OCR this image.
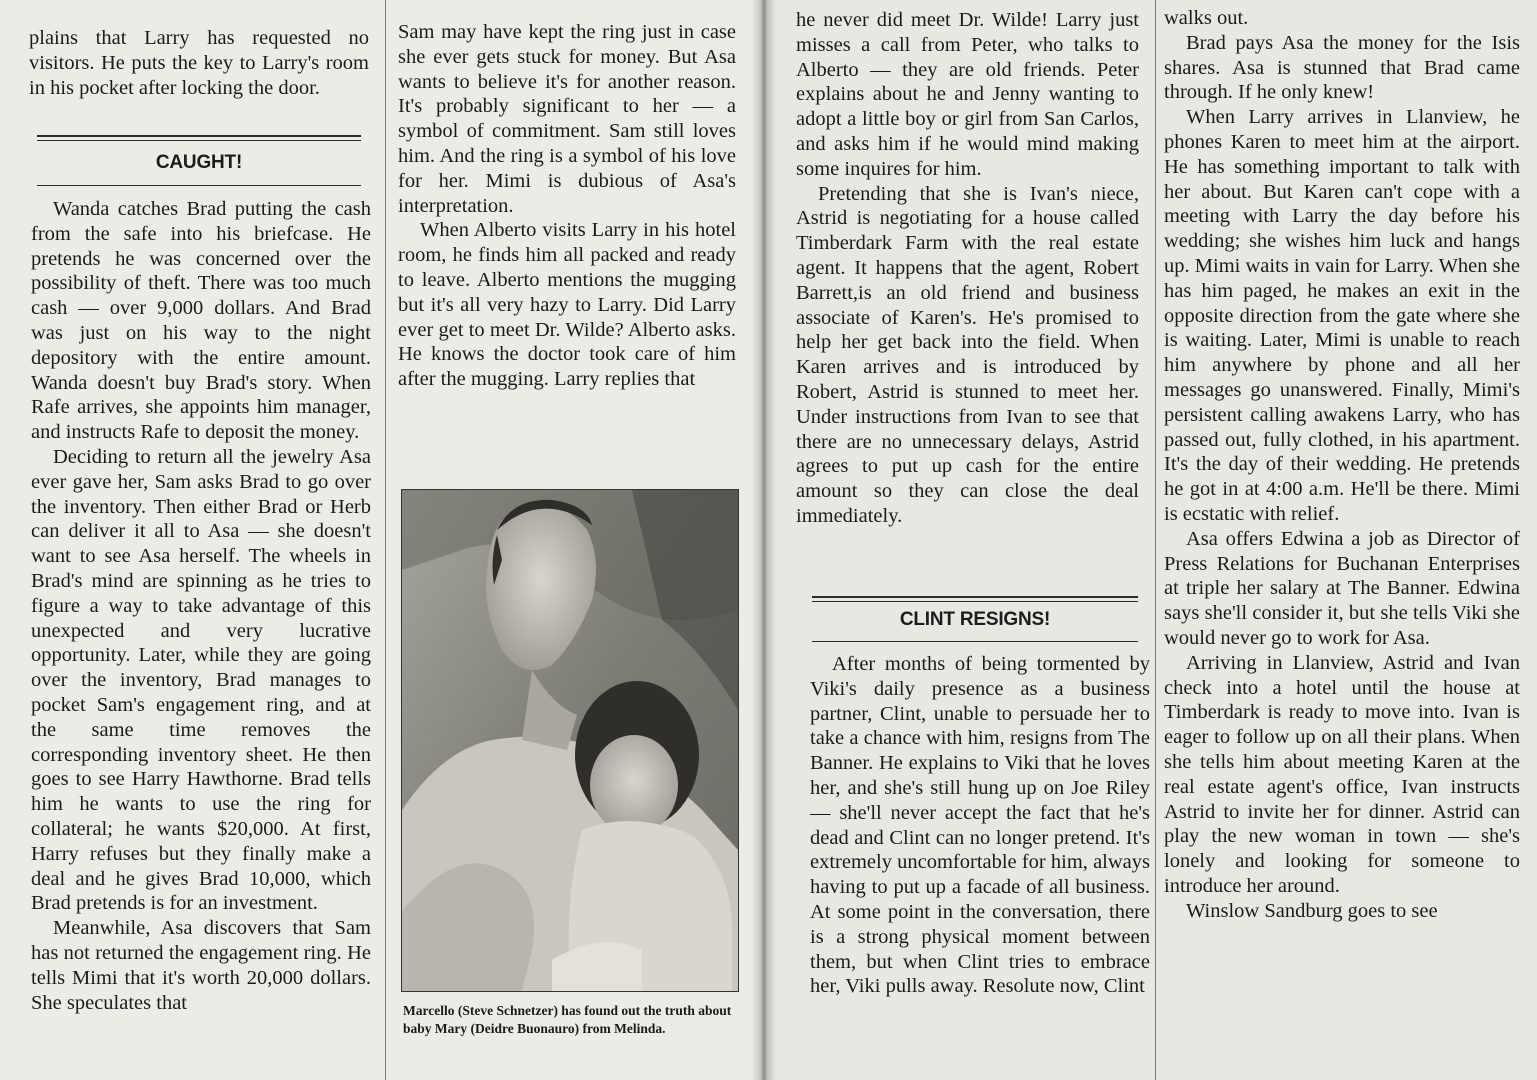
plains that Larry has requested no visitors. He puts the key to Larry's room in his pocket after locking the door.

CAUGHT!

Wanda catches Brad putting the cash from the safe into his briefcase. He pretends he was concerned over the possibility of theft. There was too much cash — over 9,000 dollars. And Brad was just on his way to the night depository with the entire amount. Wanda doesn't buy Brad's story. When Rafe arrives, she appoints him manager, and instructs Rafe to deposit the money.

Deciding to return all the jewelry Asa ever gave her, Sam asks Brad to go over the inventory. Then either Brad or Herb can deliver it all to Asa — she doesn't want to see Asa herself. The wheels in Brad's mind are spinning as he tries to figure a way to take advantage of this unexpected and very lucrative opportunity. Later, while they are going over the inventory, Brad manages to pocket Sam's engagement ring, and at the same time removes the corresponding inventory sheet. He then goes to see Harry Hawthorne. Brad tells him he wants to use the ring for collateral; he wants $20,000. At first, Harry refuses but they finally make a deal and he gives Brad 10,000, which Brad pretends is for an investment.

Meanwhile, Asa discovers that Sam has not returned the engagement ring. He tells Mimi that it's worth 20,000 dollars. She speculates that

Sam may have kept the ring just in case she ever gets stuck for money. But Asa wants to believe it's for another reason. It's probably significant to her — a symbol of commitment. Sam still loves him. And the ring is a symbol of his love for her. Mimi is dubious of Asa's interpretation.

When Alberto visits Larry in his hotel room, he finds him all packed and ready to leave. Alberto mentions the mugging but it's all very hazy to Larry. Did Larry ever get to meet Dr. Wilde? Alberto asks. He knows the doctor took care of him after the mugging. Larry replies that

Marcello (Steve Schnetzer) has found out the truth about baby Mary (Deidre Buonauro) from Melinda.

he never did meet Dr. Wilde! Larry just misses a call from Peter, who talks to Alberto — they are old friends. Peter explains about he and Jenny wanting to adopt a little boy or girl from San Carlos, and asks him if he would mind making some inquires for him.

Pretending that she is Ivan's niece, Astrid is negotiating for a house called Timberdark Farm with the real estate agent. It happens that the agent, Robert Barrett,is an old friend and business associate of Karen's. He's promised to help her get back into the field. When Karen arrives and is introduced by Robert, Astrid is stunned to meet her. Under instructions from Ivan to see that there are no unnecessary delays, Astrid agrees to put up cash for the entire amount so they can close the deal immediately.

CLINT RESIGNS!

After months of being tormented by Viki's daily presence as a business partner, Clint, unable to persuade her to take a chance with him, resigns from The Banner. He explains to Viki that he loves her, and she's still hung up on Joe Riley — she'll never accept the fact that he's dead and Clint can no longer pretend. It's extremely uncomfortable for him, always having to put up a facade of all business. At some point in the conversation, there is a strong physical moment between them, but when Clint tries to embrace her, Viki pulls away. Resolute now, Clint

walks out.

Brad pays Asa the money for the Isis shares. Asa is stunned that Brad came through. If he only knew!

When Larry arrives in Llanview, he phones Karen to meet him at the airport. He has something important to talk with her about. But Karen can't cope with a meeting with Larry the day before his wedding; she wishes him luck and hangs up. Mimi waits in vain for Larry. When she has him paged, he makes an exit in the opposite direction from the gate where she is waiting. Later, Mimi is unable to reach him anywhere by phone and all her messages go unanswered. Finally, Mimi's persistent calling awakens Larry, who has passed out, fully clothed, in his apartment. It's the day of their wedding. He pretends he got in at 4:00 a.m. He'll be there. Mimi is ecstatic with relief.

Asa offers Edwina a job as Director of Press Relations for Buchanan Enterprises at triple her salary at The Banner. Edwina says she'll consider it, but she tells Viki she would never go to work for Asa.

Arriving in Llanview, Astrid and Ivan check into a hotel until the house at Timberdark is ready to move into. Ivan is eager to follow up on all their plans. When she tells him about meeting Karen at the real estate agent's office, Ivan instructs Astrid to invite her for dinner. Astrid can play the new woman in town — she's lonely and looking for someone to introduce her around.

Winslow Sandburg goes to see
